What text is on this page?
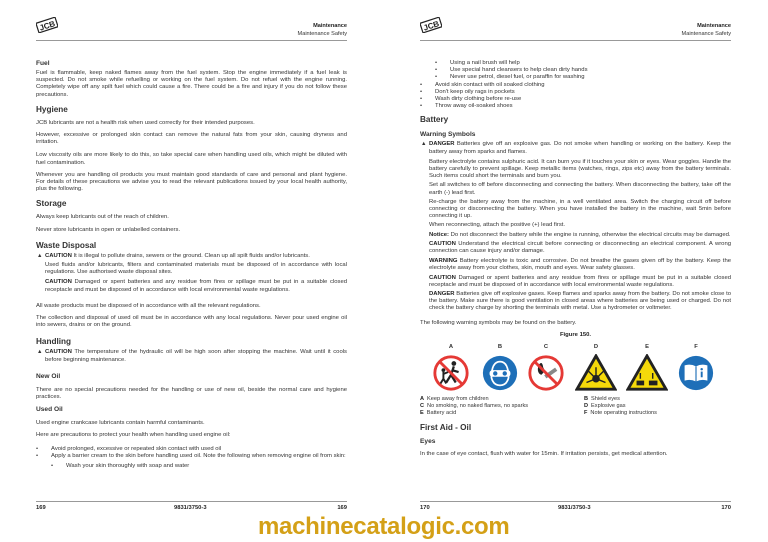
JCB	Maintenance
Maintenance Safety
Fuel
Fuel is flammable, keep naked flames away from the fuel system. Stop the engine immediately if a fuel leak is suspected. Do not smoke while refuelling or working on the fuel system. Do not refuel with the engine running. Completely wipe off any spilt fuel which could cause a fire. There could be a fire and injury if you do not follow these precautions.
Hygiene
JCB lubricants are not a health risk when used correctly for their intended purposes.
However, excessive or prolonged skin contact can remove the natural fats from your skin, causing dryness and irritation.
Low viscosity oils are more likely to do this, so take special care when handling used oils, which might be diluted with fuel contamination.
Whenever you are handling oil products you must maintain good standards of care and personal and plant hygiene. For details of these precautions we advise you to read the relevant publications issued by your local health authority, plus the following.
Storage
Always keep lubricants out of the reach of children.
Never store lubricants in open or unlabelled containers.
Waste Disposal
▲ CAUTION It is illegal to pollute drains, sewers or the ground. Clean up all spilt fluids and/or lubricants.
Used fluids and/or lubricants, filters and contaminated materials must be disposed of in accordance with local regulations. Use authorised waste disposal sites.
CAUTION Damaged or spent batteries and any residue from fires or spillage must be put in a suitable closed receptacle and must be disposed of in accordance with local environmental waste regulations.
All waste products must be disposed of in accordance with all the relevant regulations.
The collection and disposal of used oil must be in accordance with any local regulations. Never pour used engine oil into sewers, drains or on the ground.
Handling
▲ CAUTION The temperature of the hydraulic oil will be high soon after stopping the machine. Wait until it cools before beginning maintenance.
New Oil
There are no special precautions needed for the handling or use of new oil, beside the normal care and hygiene practices.
Used Oil
Used engine crankcase lubricants contain harmful contaminants.
Here are precautions to protect your health when handling used engine oil:
•	Avoid prolonged, excessive or repeated skin contact with used oil
•	Apply a barrier cream to the skin before handling used oil. Note the following when removing engine oil from skin:
•	Wash your skin thoroughly with soap and water
169	9831/3750-3	169
JCB	Maintenance
Maintenance Safety
•	Using a nail brush will help
•	Use special hand cleansers to help clean dirty hands
•	Never use petrol, diesel fuel, or paraffin for washing
•	Avoid skin contact with oil soaked clothing
•	Don't keep oily rags in pockets
•	Wash dirty clothing before re-use
•	Throw away oil-soaked shoes
Battery
Warning Symbols
▲ DANGER Batteries give off an explosive gas. Do not smoke when handling or working on the battery. Keep the battery away from sparks and flames.
Battery electrolyte contains sulphuric acid. It can burn you if it touches your skin or eyes. Wear goggles. Handle the battery carefully to prevent spillage. Keep metallic items (watches, rings, zips etc) away from the battery terminals. Such items could short the terminals and burn you.
Set all switches to off before disconnecting and connecting the battery. When disconnecting the battery, take off the earth (-) lead first.
Re-charge the battery away from the machine, in a well ventilated area. Switch the charging circuit off before connecting or disconnecting the battery. When you have installed the battery in the machine, wait 5min before connecting it up.
When reconnecting, attach the positive (+) lead first.
Notice: Do not disconnect the battery while the engine is running, otherwise the electrical circuits may be damaged.
CAUTION Understand the electrical circuit before connecting or disconnecting an electrical component. A wrong connection can cause injury and/or damage.
WARNING Battery electrolyte is toxic and corrosive. Do not breathe the gases given off by the battery. Keep the electrolyte away from your clothes, skin, mouth and eyes. Wear safety glasses.
CAUTION Damaged or spent batteries and any residue from fires or spillage must be put in a suitable closed receptacle and must be disposed of in accordance with local environmental waste regulations.
DANGER Batteries give off explosive gases. Keep flames and sparks away from the battery. Do not smoke close to the battery. Make sure there is good ventilation in closed areas where batteries are being used or charged. Do not check the battery charge by shorting the terminals with metal. Use a hydrometer or voltmeter.
The following warning symbols may be found on the battery.
Figure 150.
A	B	C	D	E	F
A Keep away from children	B Shield eyes
C No smoking, no naked flames, no sparks	D Explosive gas
E Battery acid	F Note operating instructions
First Aid - Oil
Eyes
In the case of eye contact, flush with water for 15min. If irritation persists, get medical attention.
170	9831/3750-3	170
machinecatalogic.com
